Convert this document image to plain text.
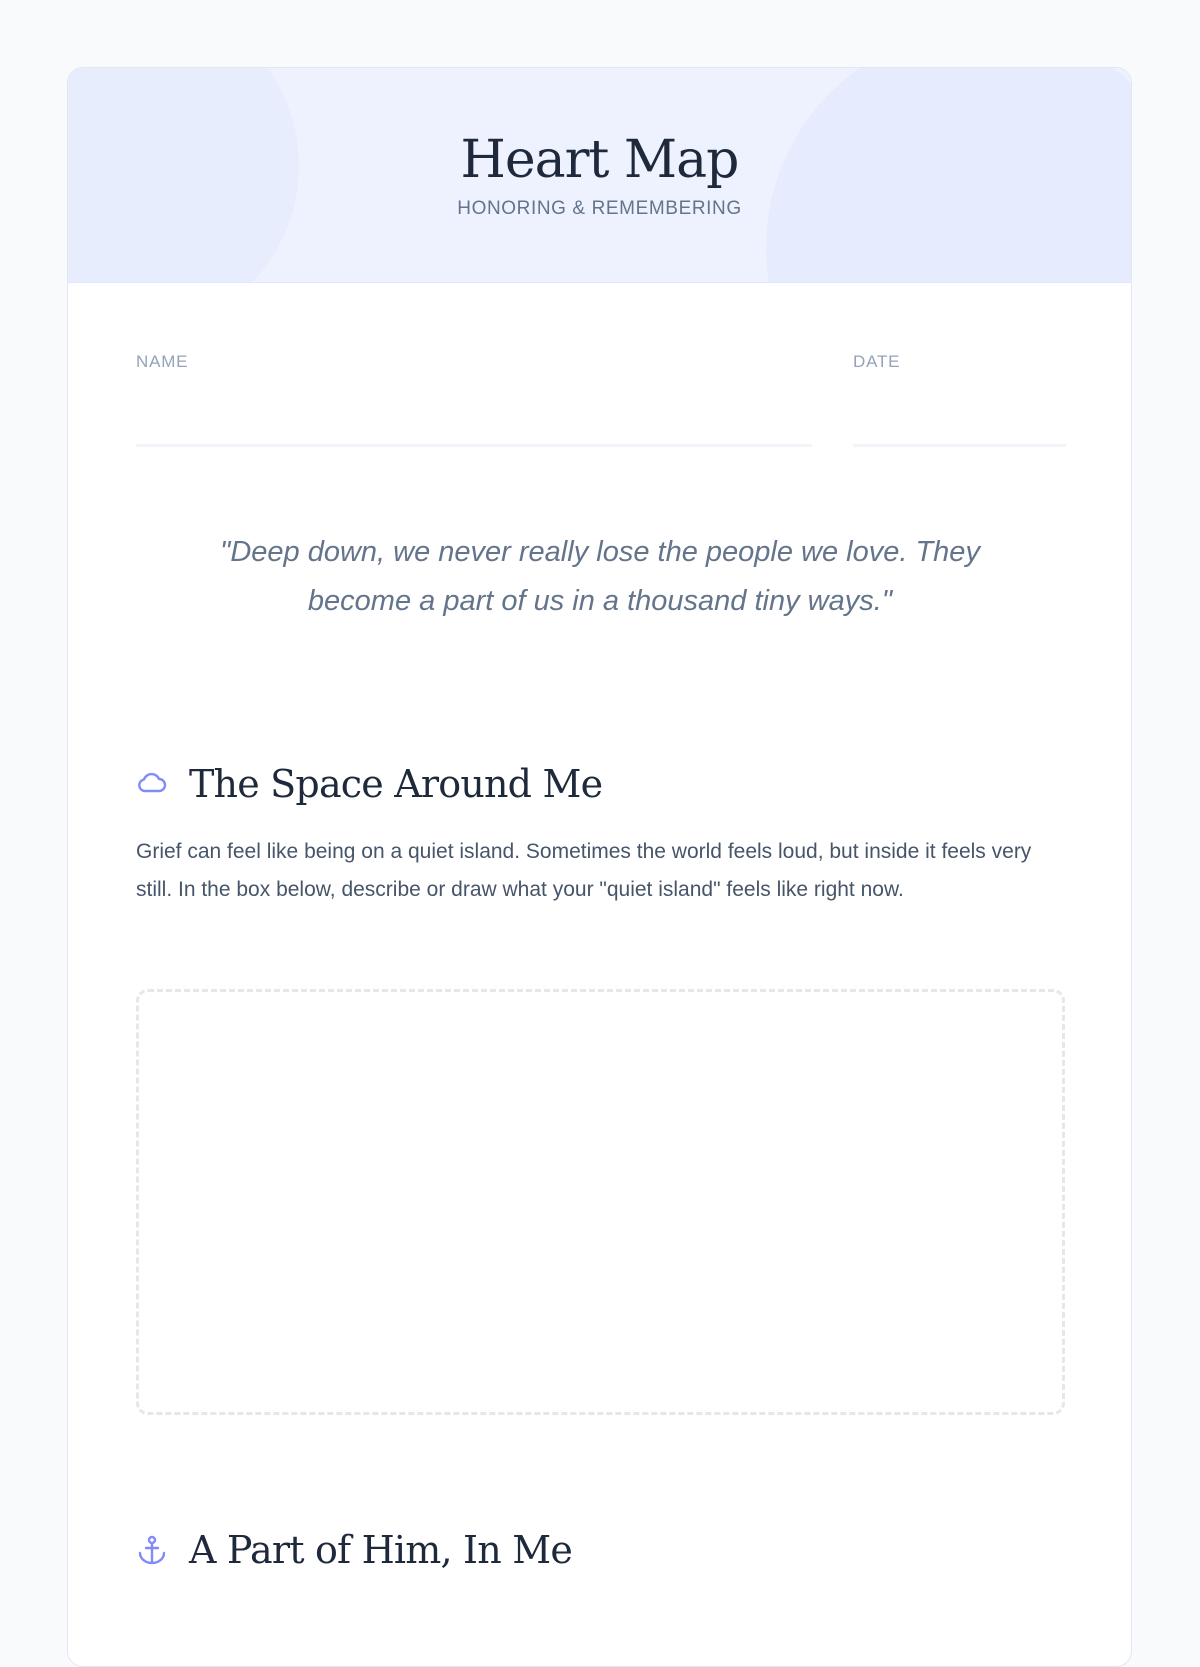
Heart Map
HONORING & REMEMBERING
NAME	DATE
"Deep down, we never really lose the people we love. They become a part of us in a thousand tiny ways."
The Space Around Me
Grief can feel like being on a quiet island. Sometimes the world feels loud, but inside it feels very still. In the box below, describe or draw what your "quiet island" feels like right now.
A Part of Him, In Me
